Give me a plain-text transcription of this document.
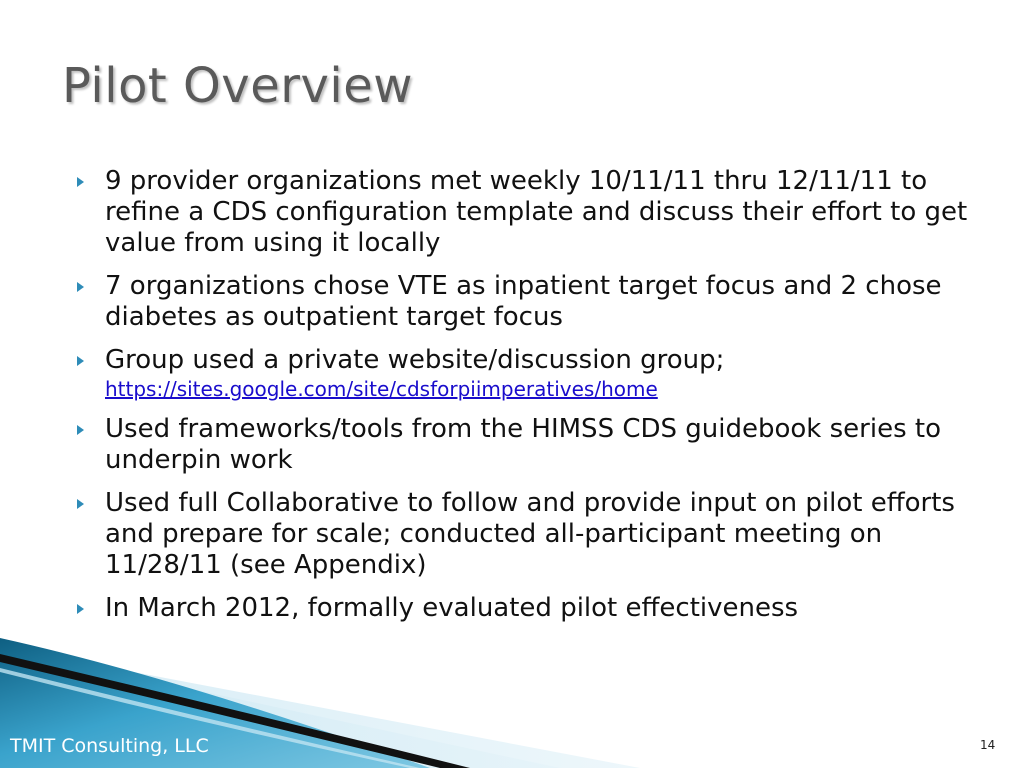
Pilot Overview
9 provider organizations met weekly 10/11/11 thru 12/11/11 to refine a CDS configuration template and discuss their effort to get value from using it locally
7 organizations chose VTE as inpatient target focus and 2 chose diabetes as outpatient target focus
Group used a private website/discussion group;
https://sites.google.com/site/cdsforpiimperatives/home
Used frameworks/tools from the HIMSS CDS guidebook series to underpin work
Used full Collaborative to follow and provide input on pilot efforts and prepare for scale; conducted all-participant meeting on 11/28/11 (see Appendix)
In March 2012, formally evaluated pilot effectiveness
TMIT Consulting, LLC	14
